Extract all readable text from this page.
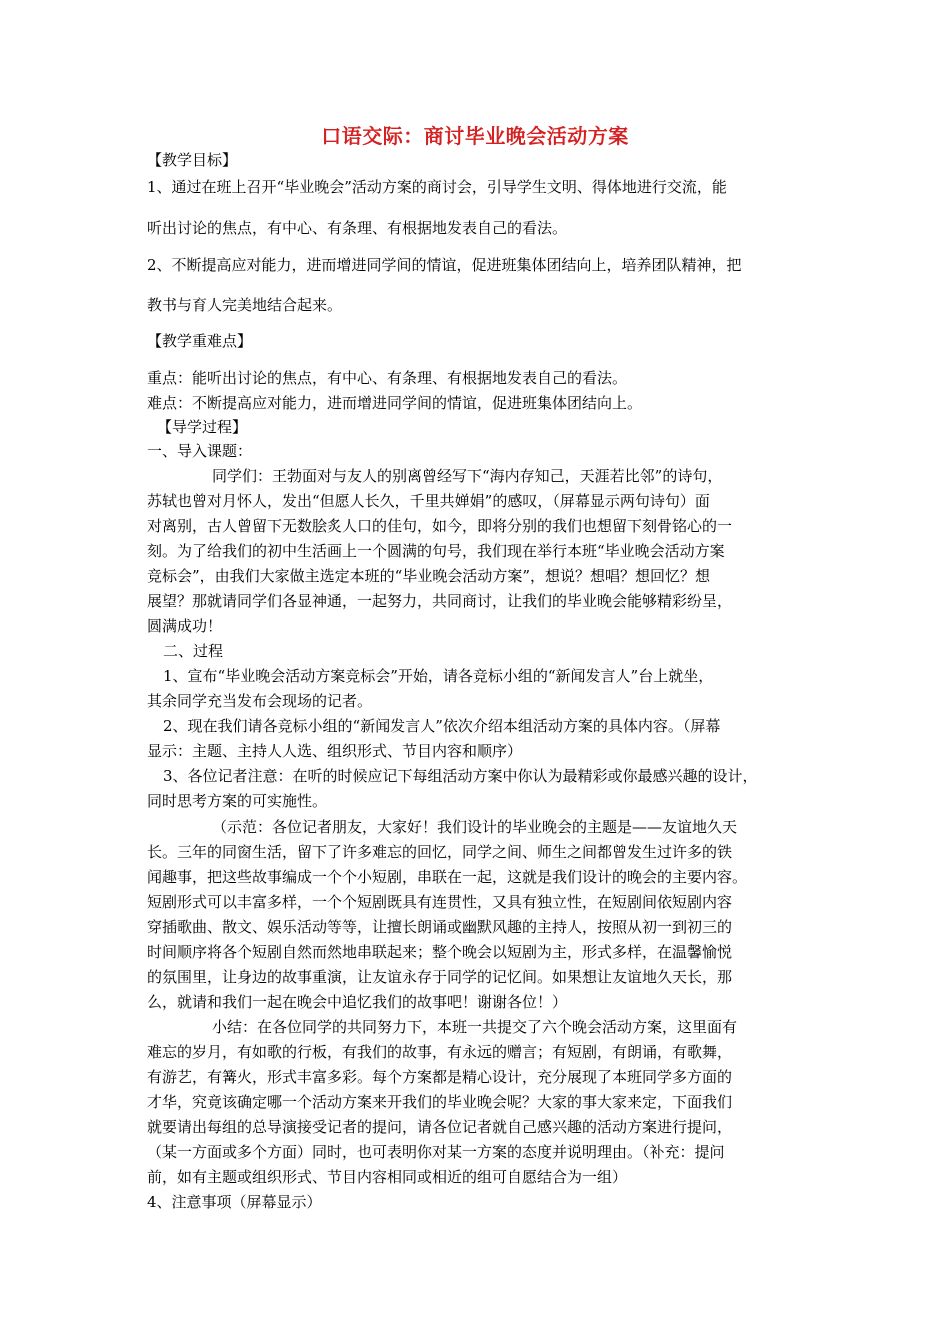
口语交际：商讨毕业晚会活动方案
【教学目标】
1、通过在班上召开“毕业晚会”活动方案的商讨会，引导学生文明、得体地进行交流，能
听出讨论的焦点，有中心、有条理、有根据地发表自己的看法。
2、不断提高应对能力，进而增进同学间的情谊，促进班集体团结向上，培养团队精神，把
教书与育人完美地结合起来。
【教学重难点】
重点：能听出讨论的焦点，有中心、有条理、有根据地发表自己的看法。
难点：不断提高应对能力，进而增进同学间的情谊，促进班集体团结向上。
【导学过程】
一、导入课题：
同学们：王勃面对与友人的别离曾经写下“海内存知己，天涯若比邻”的诗句，
苏轼也曾对月怀人，发出“但愿人长久，千里共婵娟”的感叹，（屏幕显示两句诗句）面
对离别，古人曾留下无数脍炙人口的佳句，如今，即将分别的我们也想留下刻骨铭心的一
刻。为了给我们的初中生活画上一个圆满的句号，我们现在举行本班“毕业晚会活动方案
竞标会”，由我们大家做主选定本班的“毕业晚会活动方案”，想说？想唱？想回忆？想
展望？那就请同学们各显神通，一起努力，共同商讨，让我们的毕业晚会能够精彩纷呈，
圆满成功！
二、过程
1、宣布“毕业晚会活动方案竞标会”开始，请各竞标小组的“新闻发言人”台上就坐，
其余同学充当发布会现场的记者。
2、现在我们请各竞标小组的“新闻发言人”依次介绍本组活动方案的具体内容。（屏幕
显示：主题、主持人人选、组织形式、节目内容和顺序）
3、各位记者注意：在听的时候应记下每组活动方案中你认为最精彩或你最感兴趣的设计，
同时思考方案的可实施性。
（示范：各位记者朋友，大家好！我们设计的毕业晚会的主题是——友谊地久天
长。三年的同窗生活，留下了许多难忘的回忆，同学之间、师生之间都曾发生过许多的铁
闻趣事，把这些故事编成一个个小短剧，串联在一起，这就是我们设计的晚会的主要内容。
短剧形式可以丰富多样，一个个短剧既具有连贯性，又具有独立性，在短剧间依短剧内容
穿插歌曲、散文、娱乐活动等等，让擅长朗诵或幽默风趣的主持人，按照从初一到初三的
时间顺序将各个短剧自然而然地串联起来；整个晚会以短剧为主，形式多样，在温馨愉悦
的氛围里，让身边的故事重演，让友谊永存于同学的记忆间。如果想让友谊地久天长，那
么，就请和我们一起在晚会中追忆我们的故事吧！谢谢各位！）
小结：在各位同学的共同努力下，本班一共提交了六个晚会活动方案，这里面有
难忘的岁月，有如歌的行板，有我们的故事，有永远的赠言；有短剧，有朗诵，有歌舞，
有游艺，有篝火，形式丰富多彩。每个方案都是精心设计，充分展现了本班同学多方面的
才华，究竟该确定哪一个活动方案来开我们的毕业晚会呢？大家的事大家来定，下面我们
就要请出每组的总导演接受记者的提问，请各位记者就自己感兴趣的活动方案进行提问，
（某一方面或多个方面）同时，也可表明你对某一方案的态度并说明理由。（补充：提问
前，如有主题或组织形式、节目内容相同或相近的组可自愿结合为一组）
4、注意事项（屏幕显示）
